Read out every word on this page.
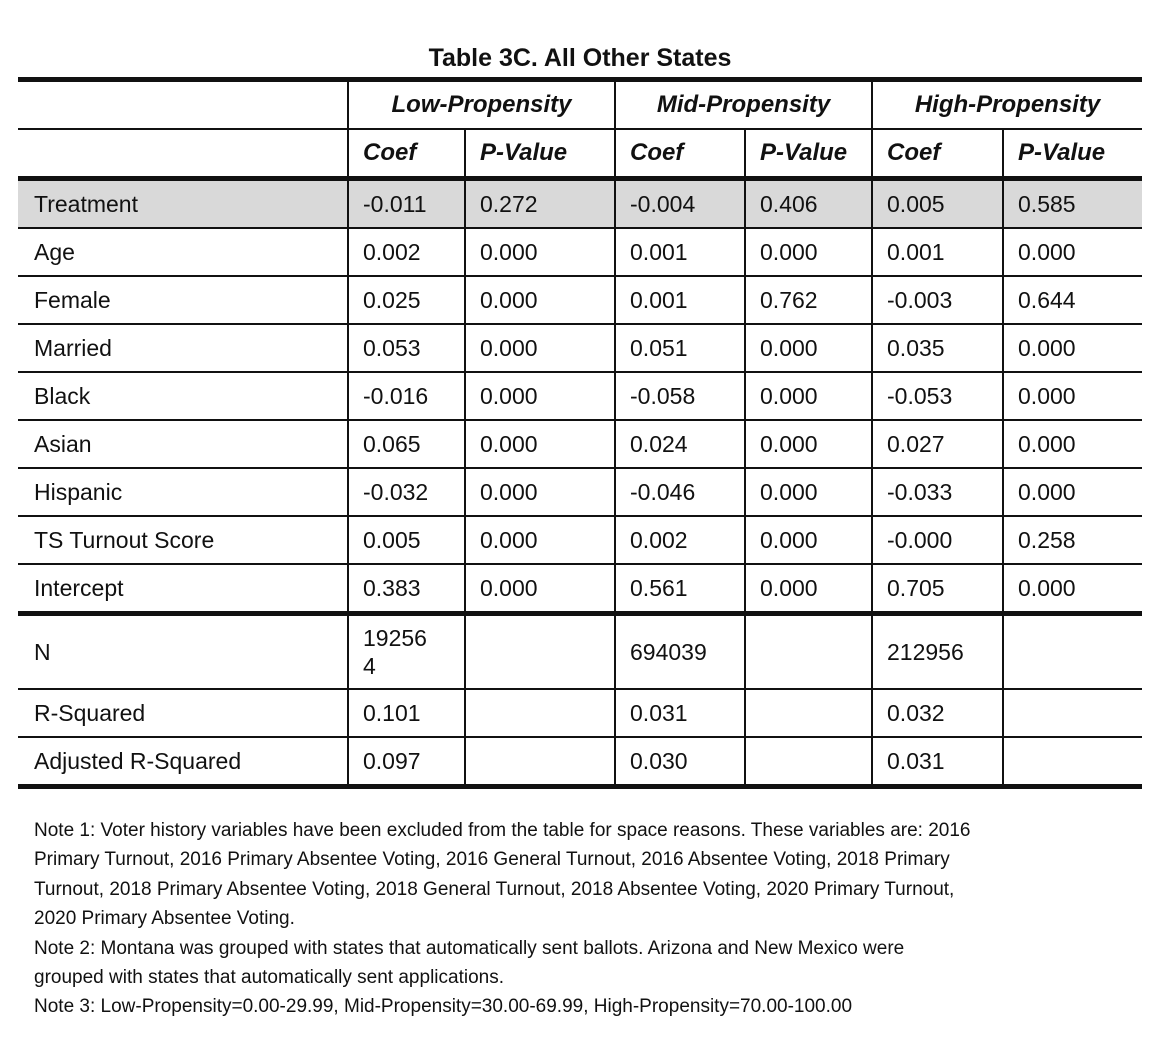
Table 3C. All Other States
	Low-Propensity		Mid-Propensity		High-Propensity	
	Coef	P-Value	Coef	P-Value	Coef	P-Value
Treatment	-0.011	0.272	-0.004	0.406	0.005	0.585
Age	0.002	0.000	0.001	0.000	0.001	0.000
Female	0.025	0.000	0.001	0.762	-0.003	0.644
Married	0.053	0.000	0.051	0.000	0.035	0.000
Black	-0.016	0.000	-0.058	0.000	-0.053	0.000
Asian	0.065	0.000	0.024	0.000	0.027	0.000
Hispanic	-0.032	0.000	-0.046	0.000	-0.033	0.000
TS Turnout Score	0.005	0.000	0.002	0.000	-0.000	0.258
Intercept	0.383	0.000	0.561	0.000	0.705	0.000
N	192564		694039		212956	
R-Squared	0.101		0.031		0.032	
Adjusted R-Squared	0.097		0.030		0.031	
Note 1: Voter history variables have been excluded from the table for space reasons. These variables are: 2016
Primary Turnout, 2016 Primary Absentee Voting, 2016 General Turnout, 2016 Absentee Voting, 2018 Primary
Turnout, 2018 Primary Absentee Voting, 2018 General Turnout, 2018 Absentee Voting, 2020 Primary Turnout,
2020 Primary Absentee Voting.
Note 2: Montana was grouped with states that automatically sent ballots. Arizona and New Mexico were
grouped with states that automatically sent applications.
Note 3: Low-Propensity=0.00-29.99, Mid-Propensity=30.00-69.99, High-Propensity=70.00-100.00
